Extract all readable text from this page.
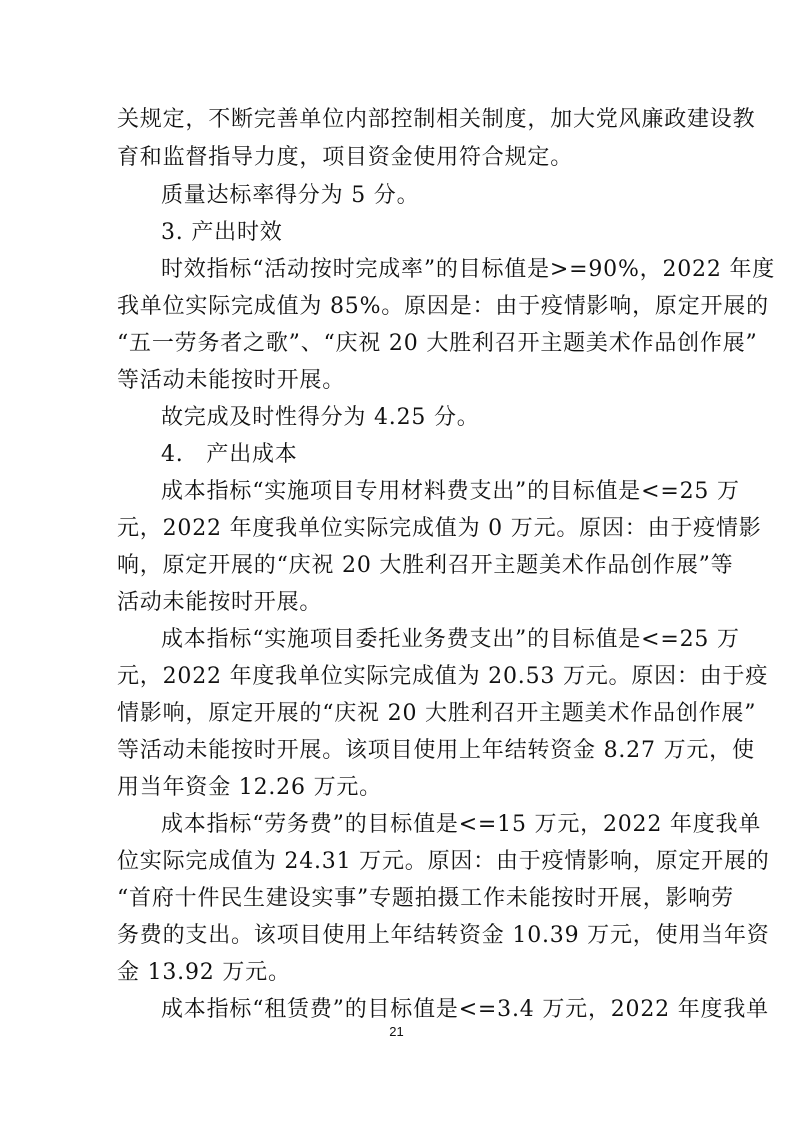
关规定，不断完善单位内部控制相关制度，加大党风廉政建设教
育和监督指导力度，项目资金使用符合规定。
质量达标率得分为 5 分。
3. 产出时效
时效指标“活动按时完成率”的目标值是>=90%，2022 年度
我单位实际完成值为 85%。原因是：由于疫情影响，原定开展的
“五一劳务者之歌”、“庆祝 20 大胜利召开主题美术作品创作展”
等活动未能按时开展。
故完成及时性得分为 4.25 分。
4.　产出成本
成本指标“实施项目专用材料费支出”的目标值是<=25 万
元，2022 年度我单位实际完成值为 0 万元。原因：由于疫情影
响，原定开展的“庆祝 20 大胜利召开主题美术作品创作展”等
活动未能按时开展。
成本指标“实施项目委托业务费支出”的目标值是<=25 万
元，2022 年度我单位实际完成值为 20.53 万元。原因：由于疫
情影响，原定开展的“庆祝 20 大胜利召开主题美术作品创作展”
等活动未能按时开展。该项目使用上年结转资金 8.27 万元，使
用当年资金 12.26 万元。
成本指标“劳务费”的目标值是<=15 万元，2022 年度我单
位实际完成值为 24.31 万元。原因：由于疫情影响，原定开展的
“首府十件民生建设实事”专题拍摄工作未能按时开展，影响劳
务费的支出。该项目使用上年结转资金 10.39 万元，使用当年资
金 13.92 万元。
成本指标“租赁费”的目标值是<=3.4 万元，2022 年度我单
21
